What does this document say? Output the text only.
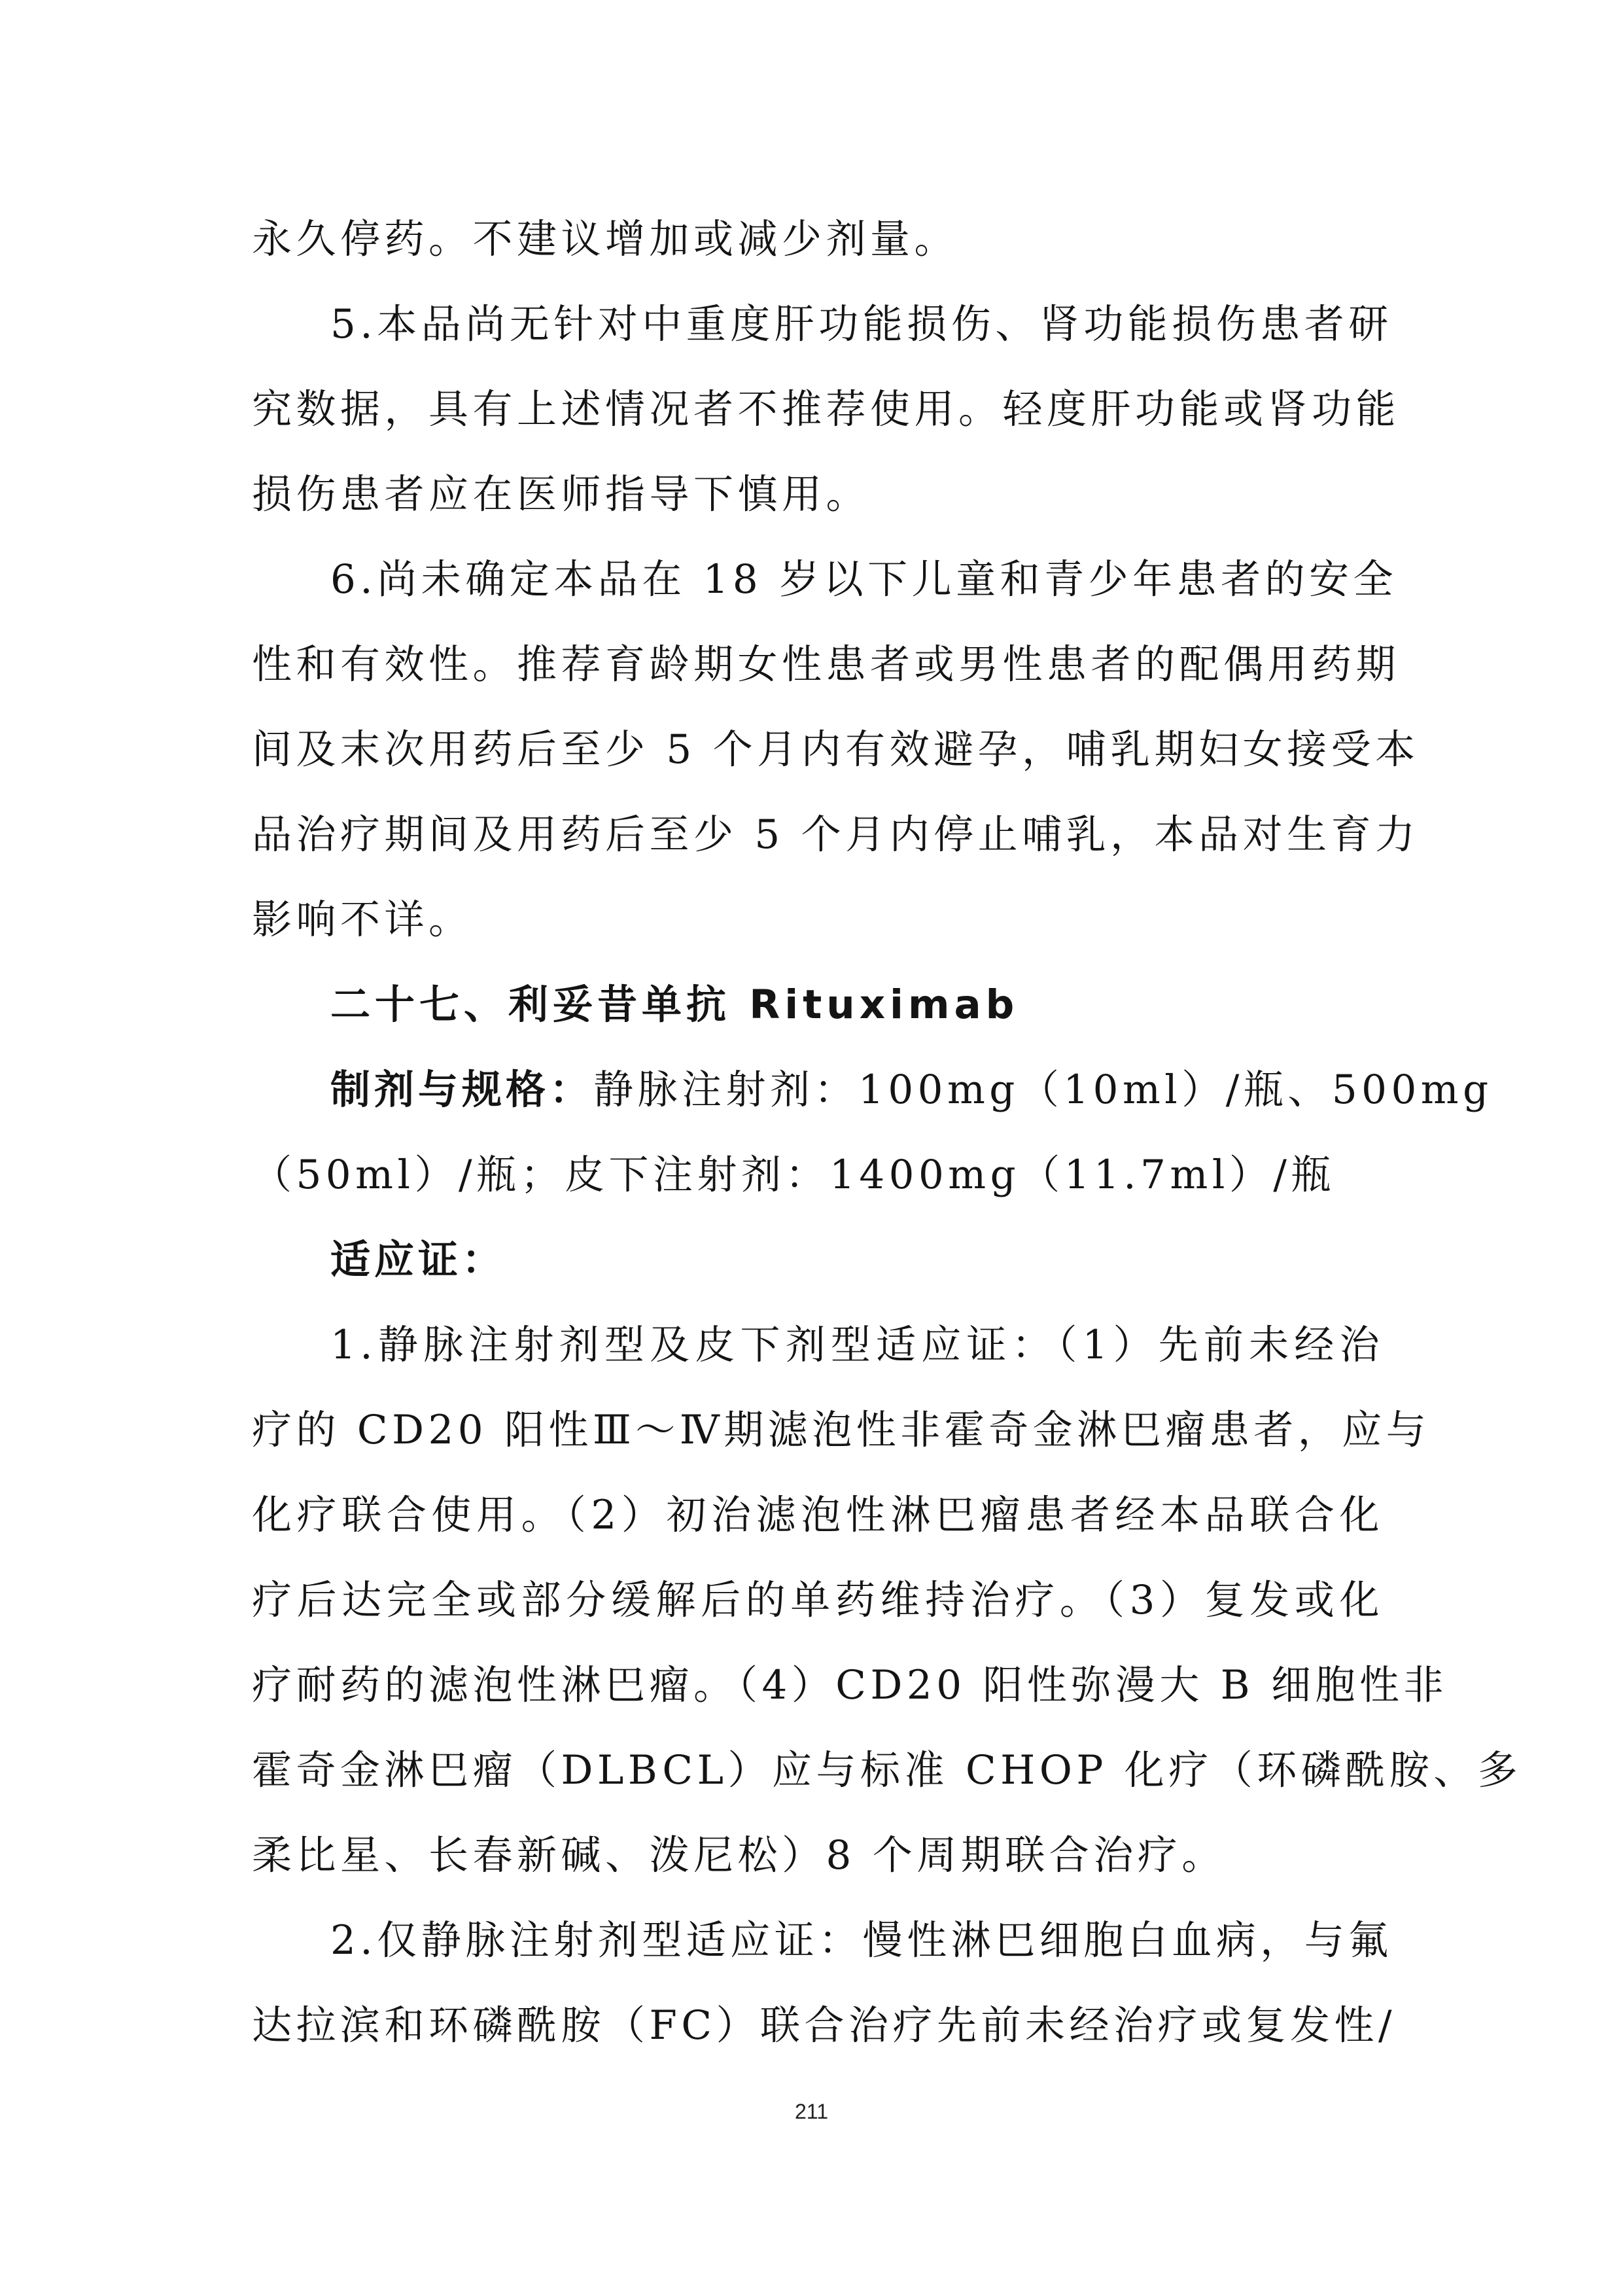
永久停药。不建议增加或减少剂量。
5.本品尚无针对中重度肝功能损伤、肾功能损伤患者研
究数据，具有上述情况者不推荐使用。轻度肝功能或肾功能
损伤患者应在医师指导下慎用。
6.尚未确定本品在 18 岁以下儿童和青少年患者的安全
性和有效性。推荐育龄期女性患者或男性患者的配偶用药期
间及末次用药后至少 5 个月内有效避孕，哺乳期妇女接受本
品治疗期间及用药后至少 5 个月内停止哺乳，本品对生育力
影响不详。
二十七、利妥昔单抗 Rituximab
制剂与规格：静脉注射剂：100mg（10ml）/瓶、500mg
（50ml）/瓶；皮下注射剂：1400mg（11.7ml）/瓶
适应证：
1.静脉注射剂型及皮下剂型适应证：（1）先前未经治
疗的 CD20 阳性Ⅲ～Ⅳ期滤泡性非霍奇金淋巴瘤患者，应与
化疗联合使用。（2）初治滤泡性淋巴瘤患者经本品联合化
疗后达完全或部分缓解后的单药维持治疗。（3）复发或化
疗耐药的滤泡性淋巴瘤。（4）CD20 阳性弥漫大 B 细胞性非
霍奇金淋巴瘤（DLBCL）应与标准 CHOP 化疗（环磷酰胺、多
柔比星、长春新碱、泼尼松）8 个周期联合治疗。
2.仅静脉注射剂型适应证：慢性淋巴细胞白血病，与氟
达拉滨和环磷酰胺（FC）联合治疗先前未经治疗或复发性/
211
